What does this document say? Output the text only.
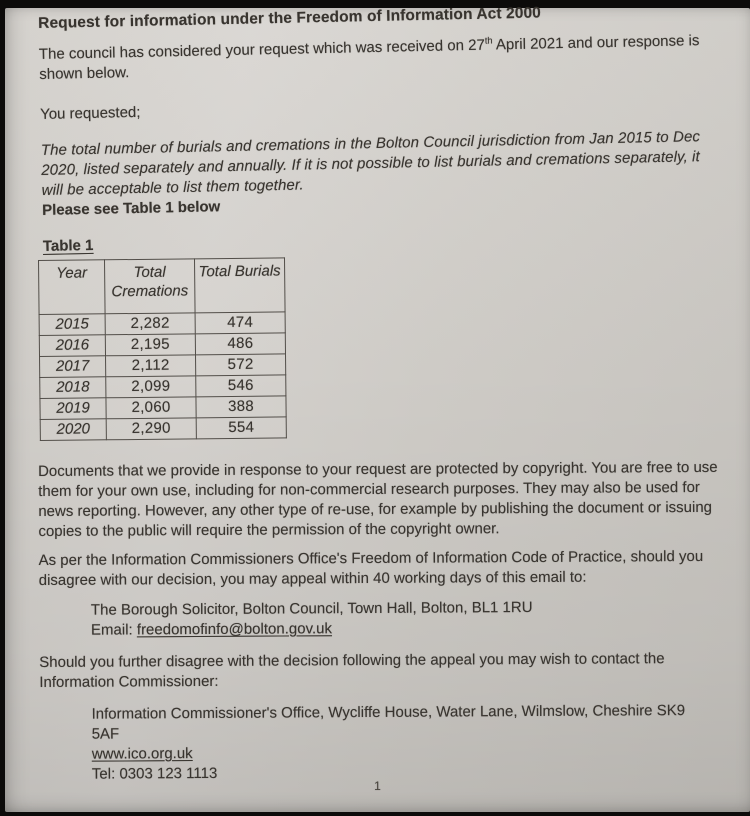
Request for information under the Freedom of Information Act 2000

The council has considered your request which was received on 27th April 2021 and our response is shown below.

You requested;

The total number of burials and cremations in the Bolton Council jurisdiction from Jan 2015 to Dec 2020, listed separately and annually. If it is not possible to list burials and cremations separately, it will be acceptable to list them together.

Please see Table 1 below

Table 1

Year	Total Cremations	Total Burials
2015	2,282	474
2016	2,195	486
2017	2,112	572
2018	2,099	546
2019	2,060	388
2020	2,290	554

Documents that we provide in response to your request are protected by copyright. You are free to use them for your own use, including for non-commercial research purposes. They may also be used for news reporting. However, any other type of re-use, for example by publishing the document or issuing copies to the public will require the permission of the copyright owner.

As per the Information Commissioners Office's Freedom of Information Code of Practice, should you disagree with our decision, you may appeal within 40 working days of this email to:

The Borough Solicitor, Bolton Council, Town Hall, Bolton, BL1 1RU

Email: freedomofinfo@bolton.gov.uk

Should you further disagree with the decision following the appeal you may wish to contact the Information Commissioner:

Information Commissioner's Office, Wycliffe House, Water Lane, Wilmslow, Cheshire SK9 5AF

www.ico.org.uk

Tel: 0303 123 1113

1
